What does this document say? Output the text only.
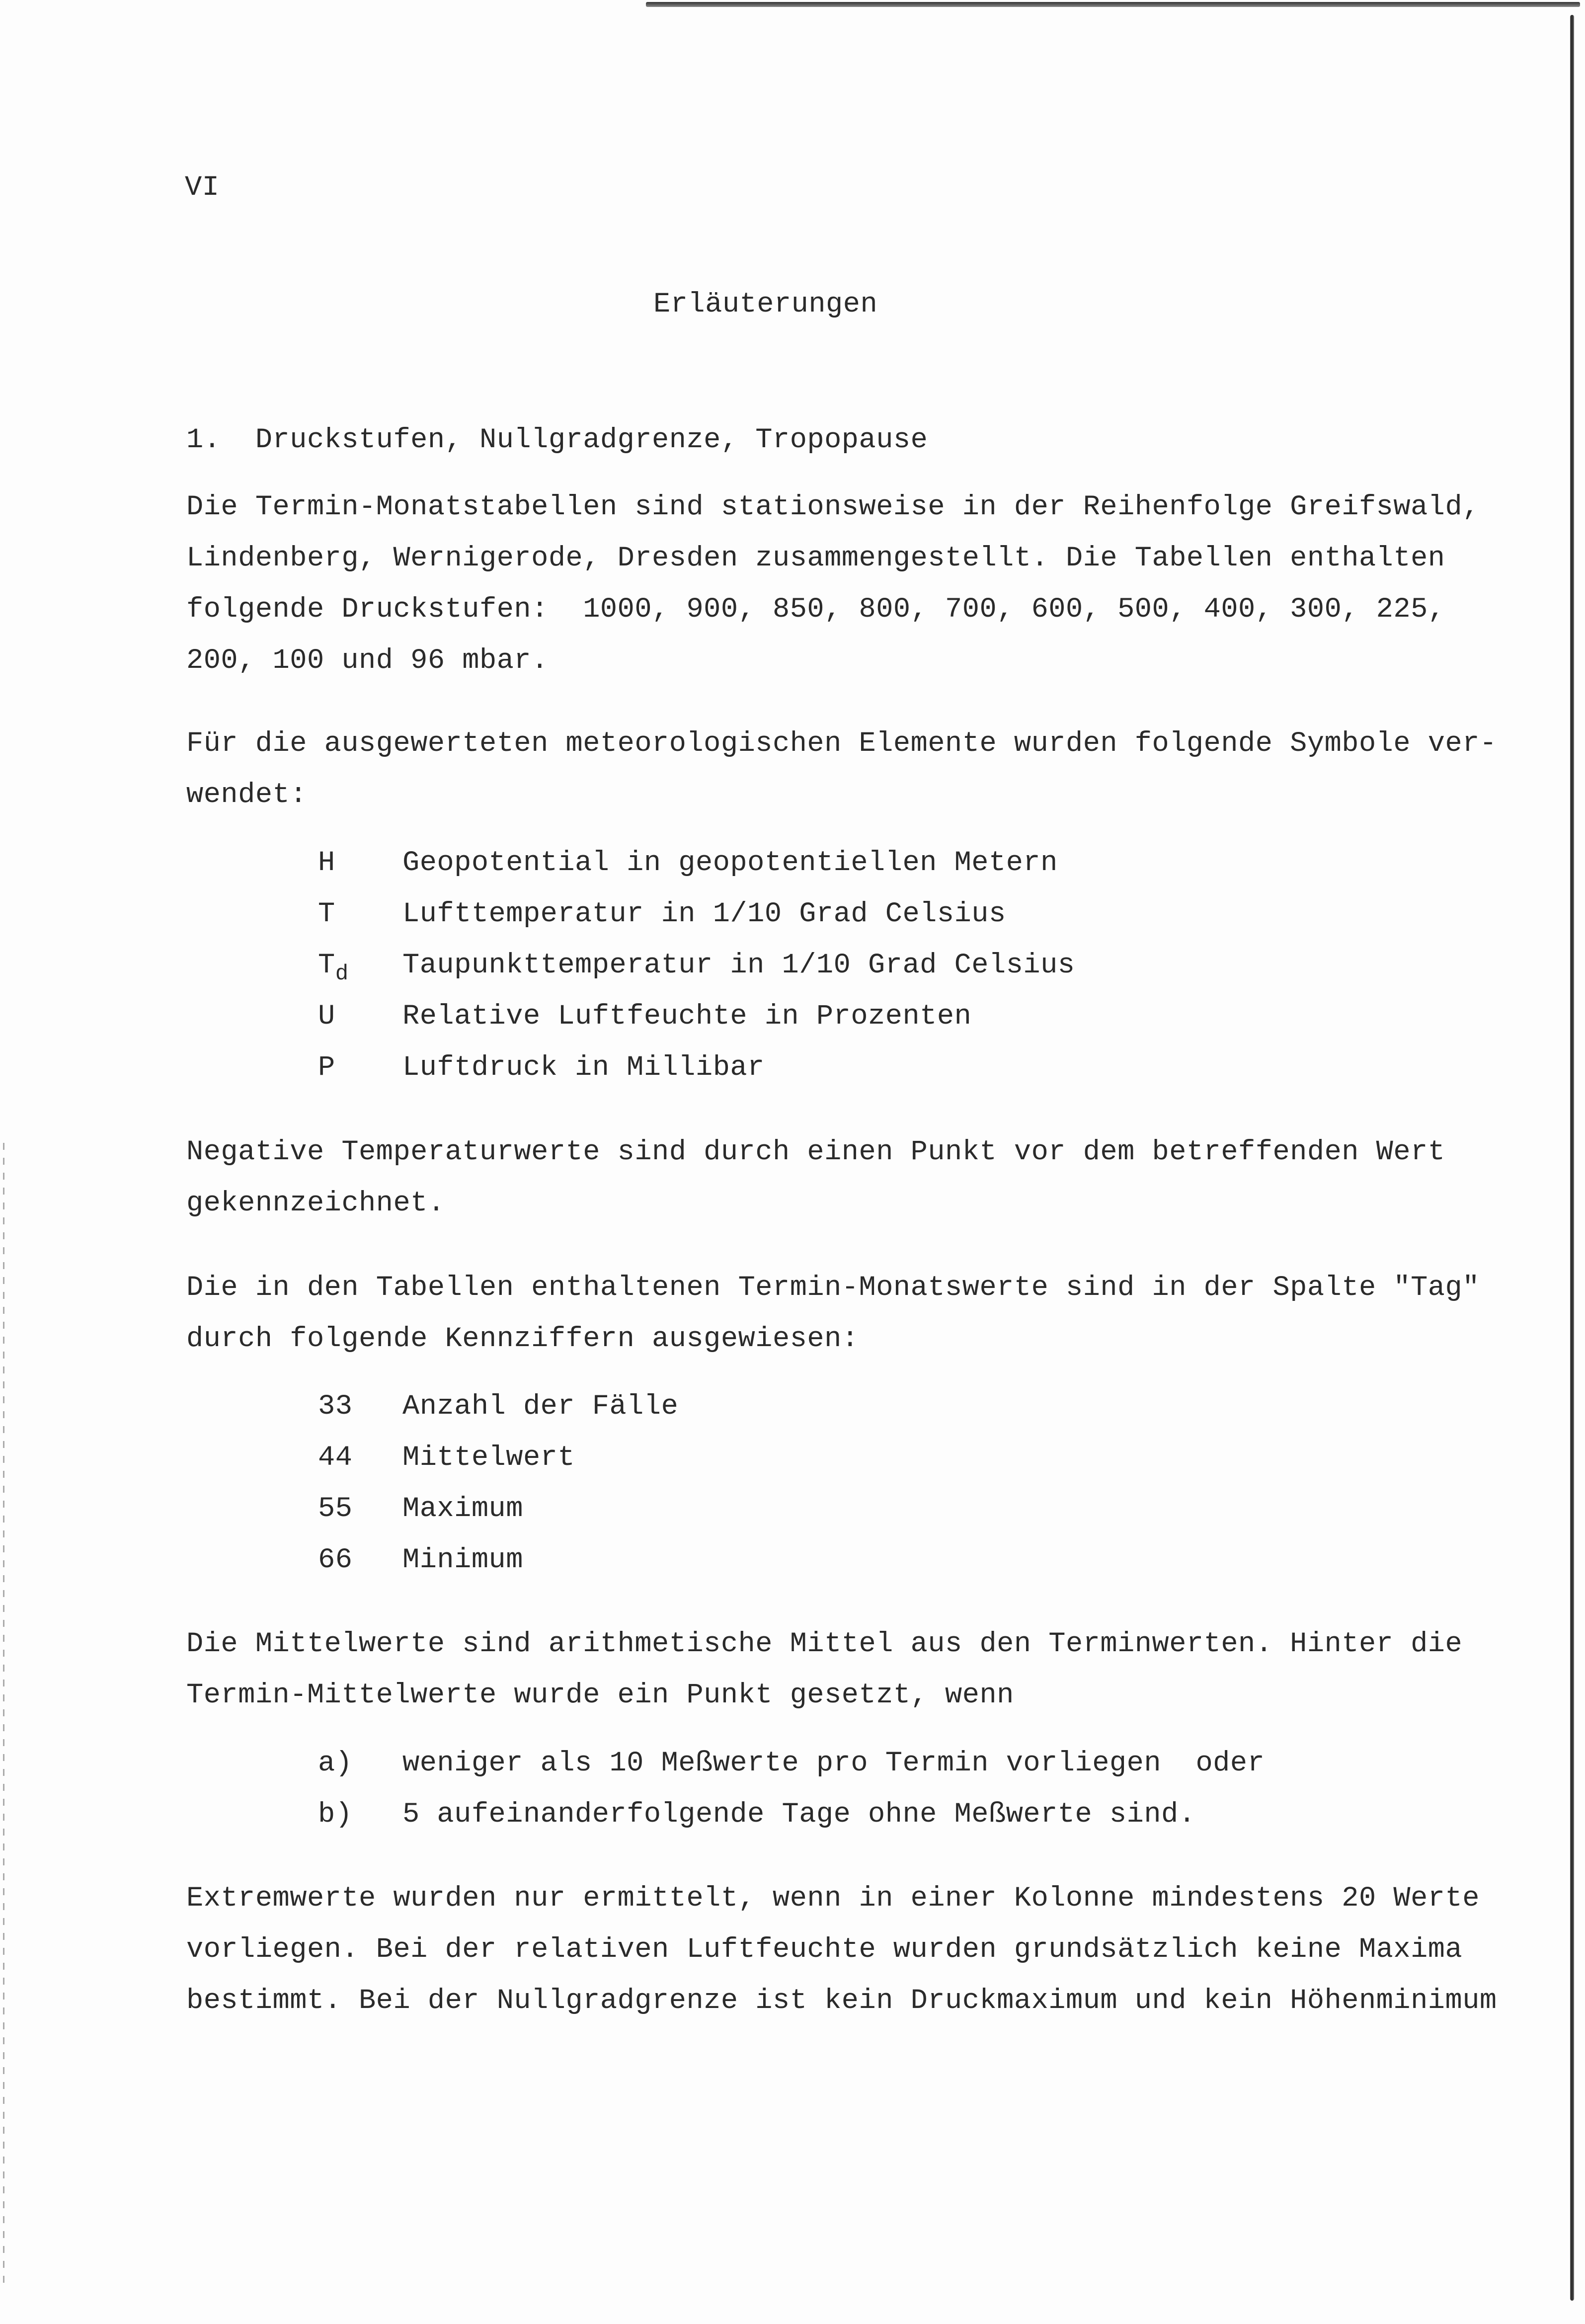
VI
Erläuterungen
1.  Druckstufen, Nullgradgrenze, Tropopause
Die Termin-Monatstabellen sind stationsweise in der Reihenfolge Greifswald,
Lindenberg, Wernigerode, Dresden zusammengestellt. Die Tabellen enthalten
folgende Druckstufen:  1000, 900, 850, 800, 700, 600, 500, 400, 300, 225,
200, 100 und 96 mbar.
Für die ausgewerteten meteorologischen Elemente wurden folgende Symbole ver-
wendet:
H	Geopotential in geopotentiellen Metern
T	Lufttemperatur in 1/10 Grad Celsius
$T_d$	Taupunkttemperatur in 1/10 Grad Celsius
U	Relative Luftfeuchte in Prozenten
P	Luftdruck in Millibar
Negative Temperaturwerte sind durch einen Punkt vor dem betreffenden Wert
gekennzeichnet.
Die in den Tabellen enthaltenen Termin-Monatswerte sind in der Spalte "Tag"
durch folgende Kennziffern ausgewiesen:
33	Anzahl der Fälle
44	Mittelwert
55	Maximum
66	Minimum
Die Mittelwerte sind arithmetische Mittel aus den Terminwerten. Hinter die
Termin-Mittelwerte wurde ein Punkt gesetzt, wenn
a)	weniger als 10 Meßwerte pro Termin vorliegen  oder
b)	5 aufeinanderfolgende Tage ohne Meßwerte sind.
Extremwerte wurden nur ermittelt, wenn in einer Kolonne mindestens 20 Werte
vorliegen. Bei der relativen Luftfeuchte wurden grundsätzlich keine Maxima
bestimmt. Bei der Nullgradgrenze ist kein Druckmaximum und kein Höhenminimum
